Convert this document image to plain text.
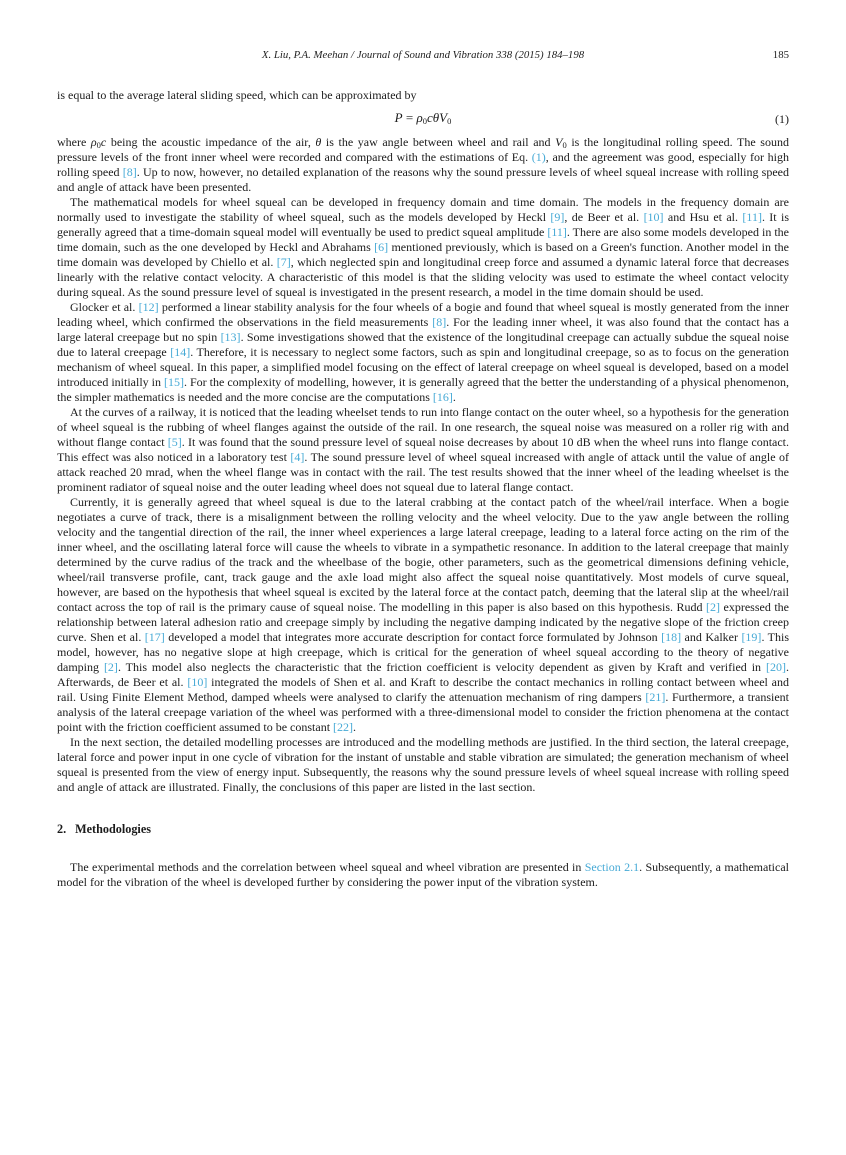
X. Liu, P.A. Meehan / Journal of Sound and Vibration 338 (2015) 184–198	185

is equal to the average lateral sliding speed, which can be approximated by

P = ρ0cθV0	(1)

where ρ0c being the acoustic impedance of the air, θ is the yaw angle between wheel and rail and V0 is the longitudinal rolling speed. The sound pressure levels of the front inner wheel were recorded and compared with the estimations of Eq. (1), and the agreement was good, especially for high rolling speed [8]. Up to now, however, no detailed explanation of the reasons why the sound pressure levels of wheel squeal increase with rolling speed and angle of attack have been presented.

The mathematical models for wheel squeal can be developed in frequency domain and time domain. The models in the frequency domain are normally used to investigate the stability of wheel squeal, such as the models developed by Heckl [9], de Beer et al. [10] and Hsu et al. [11]. It is generally agreed that a time-domain squeal model will eventually be used to predict squeal amplitude [11]. There are also some models developed in the time domain, such as the one developed by Heckl and Abrahams [6] mentioned previously, which is based on a Green's function. Another model in the time domain was developed by Chiello et al. [7], which neglected spin and longitudinal creep force and assumed a dynamic lateral force that decreases linearly with the relative contact velocity. A characteristic of this model is that the sliding velocity was used to estimate the wheel contact velocity during squeal. As the sound pressure level of squeal is investigated in the present research, a model in the time domain should be used.

Glocker et al. [12] performed a linear stability analysis for the four wheels of a bogie and found that wheel squeal is mostly generated from the inner leading wheel, which confirmed the observations in the field measurements [8]. For the leading inner wheel, it was also found that the contact has a large lateral creepage but no spin [13]. Some investigations showed that the existence of the longitudinal creepage can actually subdue the squeal noise due to lateral creepage [14]. Therefore, it is necessary to neglect some factors, such as spin and longitudinal creepage, so as to focus on the generation mechanism of wheel squeal. In this paper, a simplified model focusing on the effect of lateral creepage on wheel squeal is developed, based on a model introduced initially in [15]. For the complexity of modelling, however, it is generally agreed that the better the understanding of a physical phenomenon, the simpler mathematics is needed and the more concise are the computations [16].

At the curves of a railway, it is noticed that the leading wheelset tends to run into flange contact on the outer wheel, so a hypothesis for the generation of wheel squeal is the rubbing of wheel flanges against the outside of the rail. In one research, the squeal noise was measured on a roller rig with and without flange contact [5]. It was found that the sound pressure level of squeal noise decreases by about 10 dB when the wheel runs into flange contact. This effect was also noticed in a laboratory test [4]. The sound pressure level of wheel squeal increased with angle of attack until the value of angle of attack reached 20 mrad, when the wheel flange was in contact with the rail. The test results showed that the inner wheel of the leading wheelset is the prominent radiator of squeal noise and the outer leading wheel does not squeal due to lateral flange contact.

Currently, it is generally agreed that wheel squeal is due to the lateral crabbing at the contact patch of the wheel/rail interface. When a bogie negotiates a curve of track, there is a misalignment between the rolling velocity and the wheel velocity. Due to the yaw angle between the rolling velocity and the tangential direction of the rail, the inner wheel experiences a large lateral creepage, leading to a lateral force acting on the rim of the inner wheel, and the oscillating lateral force will cause the wheels to vibrate in a sympathetic resonance. In addition to the lateral creepage that mainly determined by the curve radius of the track and the wheelbase of the bogie, other parameters, such as the geometrical dimensions defining vehicle, wheel/rail transverse profile, cant, track gauge and the axle load might also affect the squeal noise quantitatively. Most models of curve squeal, however, are based on the hypothesis that wheel squeal is excited by the lateral force at the contact patch, deeming that the lateral slip at the wheel/rail contact across the top of rail is the primary cause of squeal noise. The modelling in this paper is also based on this hypothesis. Rudd [2] expressed the relationship between lateral adhesion ratio and creepage simply by including the negative damping indicated by the negative slope of the friction creep curve. Shen et al. [17] developed a model that integrates more accurate description for contact force formulated by Johnson [18] and Kalker [19]. This model, however, has no negative slope at high creepage, which is critical for the generation of wheel squeal according to the theory of negative damping [2]. This model also neglects the characteristic that the friction coefficient is velocity dependent as given by Kraft and verified in [20]. Afterwards, de Beer et al. [10] integrated the models of Shen et al. and Kraft to describe the contact mechanics in rolling contact between wheel and rail. Using Finite Element Method, damped wheels were analysed to clarify the attenuation mechanism of ring dampers [21]. Furthermore, a transient analysis of the lateral creepage variation of the wheel was performed with a three-dimensional model to consider the friction phenomena at the contact point with the friction coefficient assumed to be constant [22].

In the next section, the detailed modelling processes are introduced and the modelling methods are justified. In the third section, the lateral creepage, lateral force and power input in one cycle of vibration for the instant of unstable and stable vibration are simulated; the generation mechanism of wheel squeal is presented from the view of energy input. Subsequently, the reasons why the sound pressure levels of wheel squeal increase with rolling speed and angle of attack are illustrated. Finally, the conclusions of this paper are listed in the last section.

2. Methodologies

The experimental methods and the correlation between wheel squeal and wheel vibration are presented in Section 2.1. Subsequently, a mathematical model for the vibration of the wheel is developed further by considering the power input of the vibration system.
